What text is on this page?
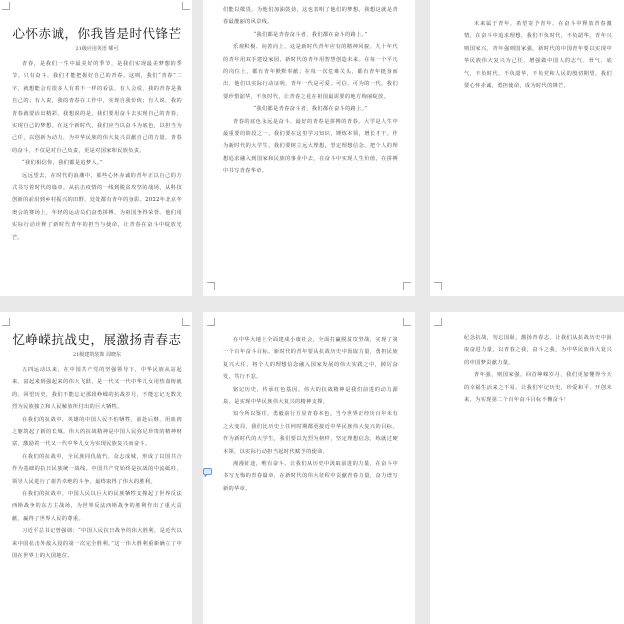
心怀赤诚，你我皆是时代锋芒
21级应用英语 晞可

青春，是我们一生中最美好的季节，是我们实现最美梦想的季节。只有奋斗，我们才能把握好自己的青春。这则，我们“青春”二字，就想能会有很多人有着不一样的看法，有人会说，我的青春是我自己的；有人说，我的青春在工作中，实现自我价值；有人说，我的青春就要活出精彩。我想说的是，我们要用奋斗去实现自己的青春，实现自己的梦想。在这个新时代，我们应当以奋斗为底色，以担当为己任，以创新为动力，为中华民族的伟大复兴贡献自己的力量。青春的奋斗，不仅是对自己负责，更是对国家和民族负责。

“我们相信你，我们都是追梦人。”

远远望去，在时代的浪潮中，那些心怀赤诚的青年正以自己的方式书写着时代的篇章。从抗击疫情的一线到脱贫攻坚的战场，从科技创新的前沿到乡村振兴的田野，处处都有青年的身影。2022年北京冬奥会的赛场上，年轻的运动员们奋勇拼搏，为祖国争得荣誉。他们用实际行动诠释了新时代青年的担当与使命，让青春在奋斗中绽放光芒。

们能以敬畏，为他们加油鼓劲，这也表明了他们的梦想，我想这就是青春最靓丽的风景线。

“我们都是青春奋斗者，我们都在奋斗的路上。”

乐观积极、向善向上，这是新时代青年应有的精神风貌。九十年代的青年用双手建设家园，新时代的青年用智慧创造未来。在每一个平凡的岗位上，都有青年默默奉献；在每一次危难关头，都有青年挺身而出。他们以实际行动证明，青年一代是可爱、可信、可为的一代。我们要珍惜韶华，不负时代，让青春之花在祖国最需要的地方绚丽绽放。

“我们都是青春奋斗者，我们都在奋斗的路上。”

青春的底色永远是奋斗，最好的青春是拼搏的青春。大学是人生中最重要的阶段之一，我们要在这里学习知识，锤炼本领，增长才干。作为新时代的大学生，我们要树立远大理想，坚定理想信念，把个人的理想追求融入到国家和民族的事业中去，在奋斗中实现人生价值，在拼搏中书写青春华章。

未来属于青年，希望寄予青年。在奋斗中释放青春激情，在奋斗中追求理想，我们不负时代，不负韶华。青年兴则国家兴，青年强则国家强。新时代的中国青年要以实现中华民族伟大复兴为己任，增强做中国人的志气、骨气、底气，不负时代，不负韶华，不负党和人民的殷切期望。我们要心怀赤诚，勇担使命，成为时代的锋芒。

忆峥嵘抗战史，展激扬青春志
21级建筑装饰 周晓东

五四运动以来，在中国共产党的坚强领导下，中华民族从站起来、富起来到强起来的伟大飞跃，是一代又一代中华儿女用热血铸就的。回望历史，我们不能忘记那段峥嵘的抗战岁月，不能忘记无数先烈为民族独立和人民解放所付出的巨大牺牲。

在我们的抗战中，英雄的中国人民不怕牺牲，前赴后继，用血肉之躯筑起了新的长城。伟大的抗战精神是中国人民弥足珍贵的精神财富，激励着一代又一代中华儿女为实现民族复兴而奋斗。

在我们的抗战中，全民族同仇敌忾，众志成城，形成了以国共合作为基础的抗日民族统一战线。中国共产党始终是抗战的中流砥柱，领导人民进行了艰苦卓绝的斗争，最终取得了伟大的胜利。

在我们的抗战中，中国人民以巨大的民族牺牲支撑起了世界反法西斯战争的东方主战场，为世界反法西斯战争的胜利作出了重大贡献，赢得了世界人民的尊重。

习近平总书记曾强调：“中国人民抗日战争的伟大胜利，是近代以来中国抗击外敌入侵的第一次完全胜利。”这一伟大胜利重新确立了中国在世界上的大国地位。

在中华大地上全面建成小康社会，全面打赢脱贫攻坚战，实现了第一个百年奋斗目标。新时代的青年要从抗战历史中汲取力量，勇担民族复兴大任，将个人的理想信念融入国家发展的伟大实践之中，踔厉奋发，笃行不怠。

铭记历史，传承红色基因。伟大的抗战精神是我们前进的动力源泉，是实现中华民族伟大复兴的精神支撑。

知今所以鉴往，勇毅前行方显青春本色。当今世界正经历百年未有之大变局，我们比历史上任何时期都更接近中华民族伟大复兴的目标。作为新时代的大学生，我们要以先烈为榜样，坚定理想信念，练就过硬本领，以实际行动担当起时代赋予的使命。

漫漫征途，唯有奋斗。让我们从历史中汲取前进的力量，在奋斗中书写无悔的青春篇章，在新时代的伟大征程中贡献青春力量，奋力谱写新的华章。

纪念抗战，勿忘国耻，激扬青春志。让我们从抗战历史中汲取奋进力量，以青春之我，奋斗之我，为中华民族伟大复兴的中国梦贡献力量。

青年强，则国家强。回首峥嵘岁月，我们更加懂得今天的幸福生活来之不易。让我们牢记历史，珍爱和平，开创未来，为实现第二个百年奋斗目标不懈奋斗！
